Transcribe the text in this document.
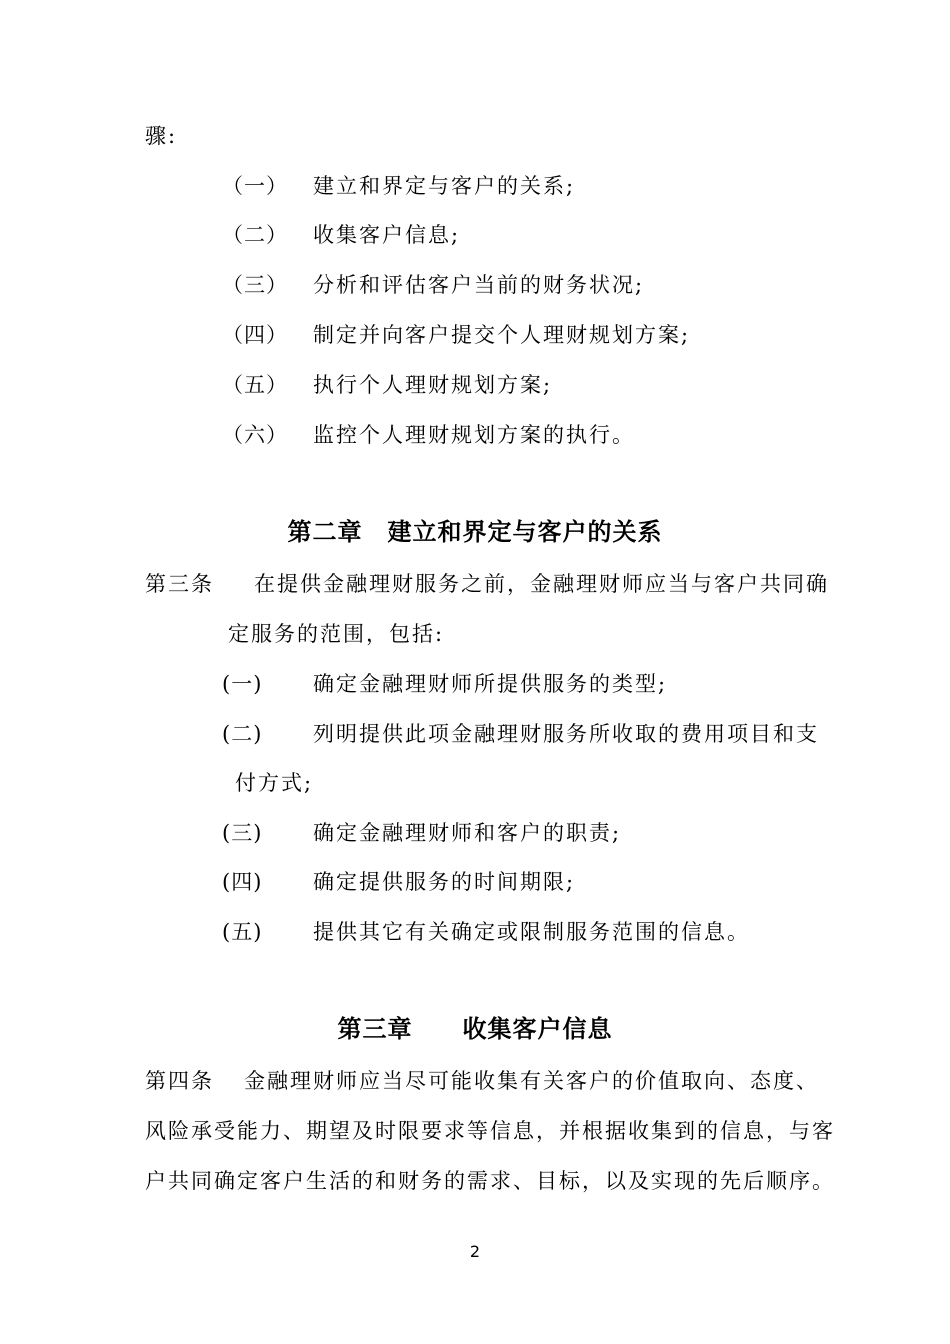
骤:
（一） 建立和界定与客户的关系;
（二） 收集客户信息;
（三） 分析和评估客户当前的财务状况;
（四） 制定并向客户提交个人理财规划方案;
（五） 执行个人理财规划方案;
（六） 监控个人理财规划方案的执行。
第二章　建立和界定与客户的关系
第三条 在提供金融理财服务之前，金融理财师应当与客户共同确
定服务的范围，包括:
(一) 确定金融理财师所提供服务的类型;
(二) 列明提供此项金融理财服务所收取的费用项目和支
付方式;
(三) 确定金融理财师和客户的职责;
(四) 确定提供服务的时间期限;
(五) 提供其它有关确定或限制服务范围的信息。
第三章　　收集客户信息
第四条 金融理财师应当尽可能收集有关客户的价值取向、态度、
风险承受能力、期望及时限要求等信息，并根据收集到的信息，与客
户共同确定客户生活的和财务的需求、目标，以及实现的先后顺序。
2
